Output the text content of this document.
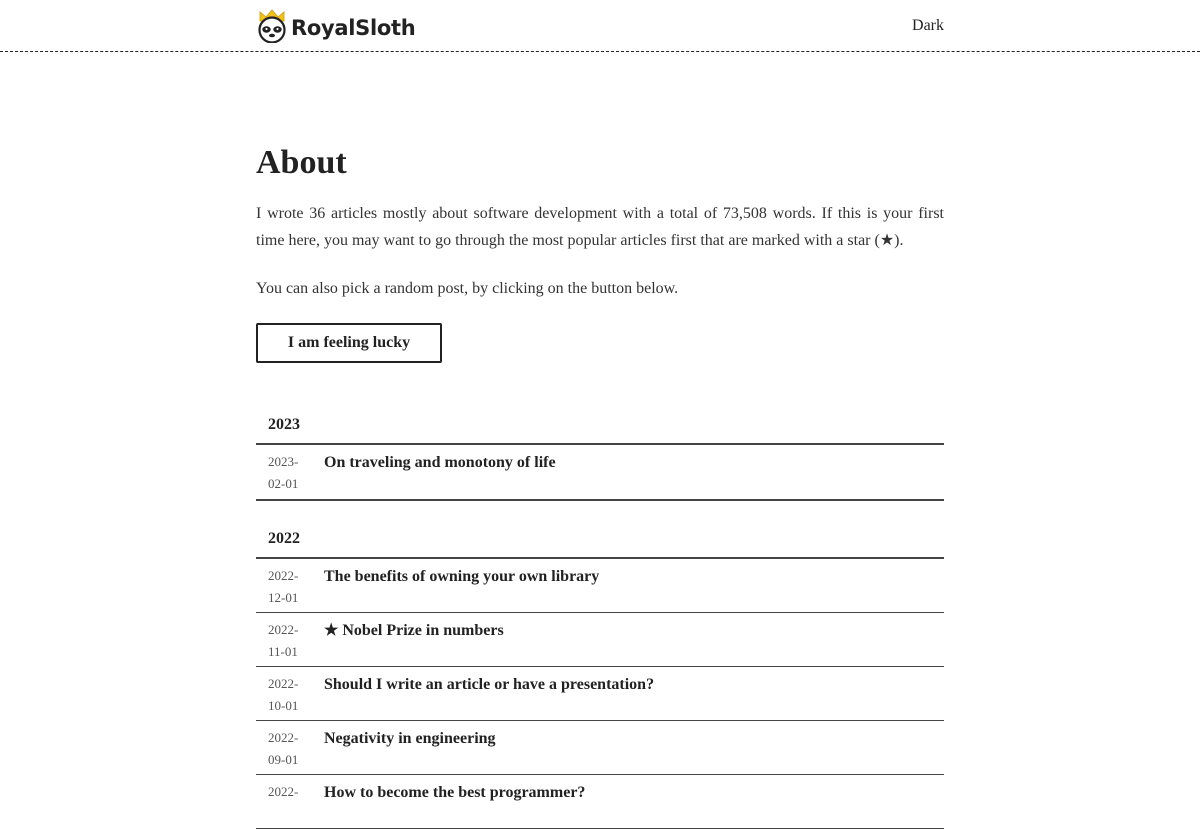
RoyalSloth	Dark
About

I wrote 36 articles mostly about software development with a total of 73,508 words. If this is your first time here, you may want to go through the most popular articles first that are marked with a star (★).

You can also pick a random post, by clicking on the button below.

I am feeling lucky
2023
2023-
02-01
On traveling and monotony of life
2022
2022-
12-01
The benefits of owning your own library
2022-
11-01
★ Nobel Prize in numbers
2022-
10-01
Should I write an article or have a presentation?
2022-
09-01
Negativity in engineering
2022-	How to become the best programmer?
